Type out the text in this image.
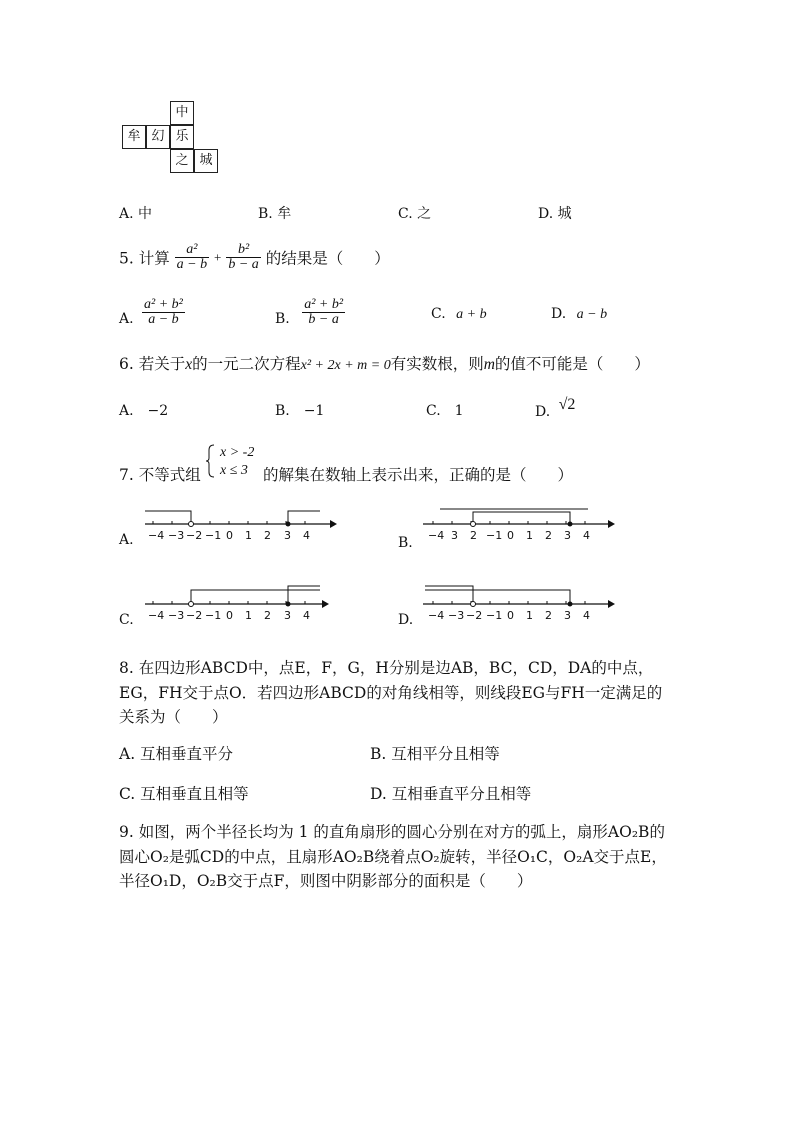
中
牟 幻 乐
之 城
A. 中	B. 牟	C. 之	D. 城
5. 计算 $\frac{\text{a²}}{a - b} + \frac{\text{b²}}{b - a}$ 的结果是（　　）
A. $\frac{\text{a² + b²}}{a - b}$	B. $\frac{\text{a² + b²}}{b - a}$	C. a + b	D. a − b
6. 若关于x的一元二次方程x² + 2x + m = 0有实数根，则m的值不可能是（　　）
A.　−2	B.　−1	C.　1	D. √2
7. 不等式组
x > -2
x ≤ 3 的解集在数轴上表示出来，正确的是（　　）
A. −4 −3 −2 −1 0 1 2 3 4	B. −4 3 2 −1 0 1 2 3 4
C. −4 −3 −2 −1 0 1 2 3 4	D. −4 −3 −2 −1 0 1 2 3 4
8. 在四边形ABCD中，点E，F，G，H分别是边AB，BC，CD，DA的中点，
EG，FH交于点O．若四边形ABCD的对角线相等，则线段EG与FH一定满足的
关系为（　　）
A. 互相垂直平分	B. 互相平分且相等
C. 互相垂直且相等	D. 互相垂直平分且相等
9. 如图，两个半径长均为 1 的直角扇形的圆心分别在对方的弧上，扇形AO₂B的
圆心O₂是弧CD的中点，且扇形AO₂B绕着点O₂旋转，半径O₁C，O₂A交于点E，
半径O₁D，O₂B交于点F，则图中阴影部分的面积是（　　）
